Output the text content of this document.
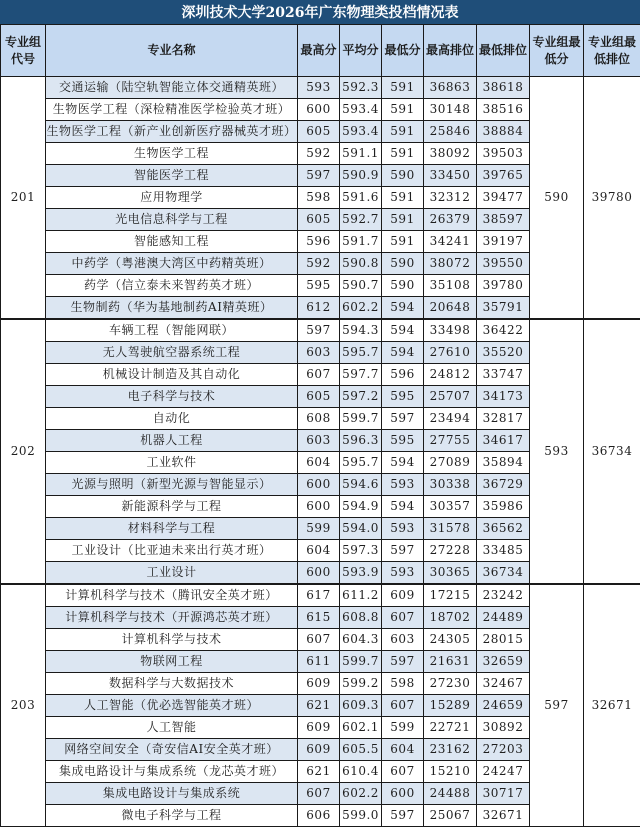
深圳技术大学2026年广东物理类投档情况表
专业组代号	专业名称	最高分	平均分	最低分	最高排位	最低排位	专业组最低分	专业组最低排位
201	交通运输（陆空轨智能立体交通精英班）	593	592.3	591	36863	38618	590	39780
	生物医学工程（深检精准医学检验英才班）	600	593.4	591	30148	38516		
	生物医学工程（新产业创新医疗器械英才班）	605	593.4	591	25846	38884		
	生物医学工程	592	591.1	591	38092	39503		
	智能医学工程	597	590.9	590	33450	39765		
	应用物理学	598	591.6	591	32312	39477		
	光电信息科学与工程	605	592.7	591	26379	38597		
	智能感知工程	596	591.7	591	34241	39197		
	中药学（粤港澳大湾区中药精英班）	592	590.8	590	38072	39550		
	药学（信立泰未来智药英才班）	595	590.7	590	35108	39780		
	生物制药（华为基地制药AI精英班）	612	602.2	594	20648	35791		
202	车辆工程（智能网联）	597	594.3	594	33498	36422	593	36734
	无人驾驶航空器系统工程	603	595.7	594	27610	35520		
	机械设计制造及其自动化	607	597.7	596	24812	33747		
	电子科学与技术	605	597.2	595	25707	34173		
	自动化	608	599.7	597	23494	32817		
	机器人工程	603	596.3	595	27755	34617		
	工业软件	604	595.7	594	27089	35894		
	光源与照明（新型光源与智能显示）	600	594.6	593	30338	36729		
	新能源科学与工程	600	594.9	594	30357	35986		
	材料科学与工程	599	594.0	593	31578	36562		
	工业设计（比亚迪未来出行英才班）	604	597.3	597	27228	33485		
	工业设计	600	593.9	593	30365	36734		
203	计算机科学与技术（腾讯安全英才班）	617	611.2	609	17215	23242	597	32671
	计算机科学与技术（开源鸿芯英才班）	615	608.8	607	18702	24489		
	计算机科学与技术	607	604.3	603	24305	28015		
	物联网工程	611	599.7	597	21631	32659		
	数据科学与大数据技术	609	599.2	598	27230	32467		
	人工智能（优必选智能英才班）	621	609.3	607	15289	24659		
	人工智能	609	602.1	599	22721	30892		
	网络空间安全（奇安信AI安全英才班）	609	605.5	604	23162	27203		
	集成电路设计与集成系统（龙芯英才班）	621	610.4	607	15210	24247		
	集成电路设计与集成系统	607	602.2	600	24488	30717		
	微电子科学与工程	606	599.0	597	25067	32671		
